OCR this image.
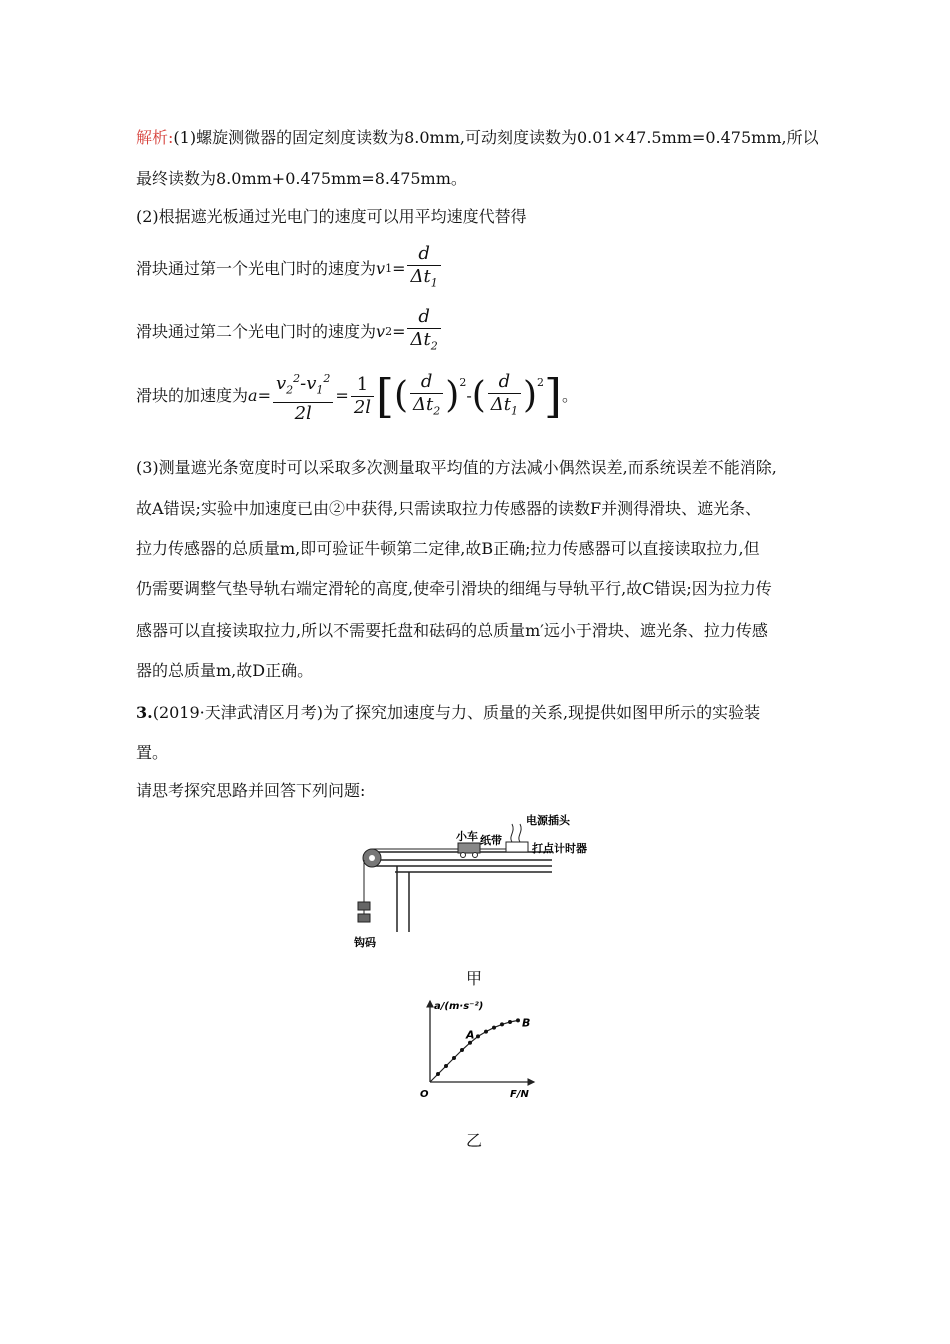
解析:(1)螺旋测微器的固定刻度读数为8.0mm,可动刻度读数为0.01×47.5mm=0.475mm,所以
最终读数为8.0mm+0.475mm=8.475mm。
(2)根据遮光板通过光电门的速度可以用平均速度代替得
滑块通过第一个光电门时的速度为 v $1 = \frac{d}{\Delta t_1}$
滑块通过第二个光电门时的速度为 v $2 = \frac{d}{\Delta t_2}$
滑块的加速度为 $a = \frac{v_2^2-v_1^2}{2l} = \frac{1}{2l}$ [ ( $\frac{d}{\Delta t_2} )^2$
- ( $\frac{d}{\Delta t_1} )^2$ ] 。
(3)测量遮光条宽度时可以采取多次测量取平均值的方法减小偶然误差,而系统误差不能消除,
故A错误;实验中加速度已由②中获得,只需读取拉力传感器的读数F并测得滑块、遮光条、
拉力传感器的总质量m,即可验证牛顿第二定律,故B正确;拉力传感器可以直接读取拉力,但
仍需要调整气垫导轨右端定滑轮的高度,使牵引滑块的细绳与导轨平行,故C错误;因为拉力传
感器可以直接读取拉力,所以不需要托盘和砝码的总质量m′远小于滑块、遮光条、拉力传感
器的总质量m,故D正确。
3.(2019·天津武清区月考)为了探究加速度与力、质量的关系,现提供如图甲所示的实验装
置。
请思考探究思路并回答下列问题:
小车 纸带
电源插头
打点计时器
钩码
甲
a/(m·s⁻²)
F/N
O
A
B
乙
